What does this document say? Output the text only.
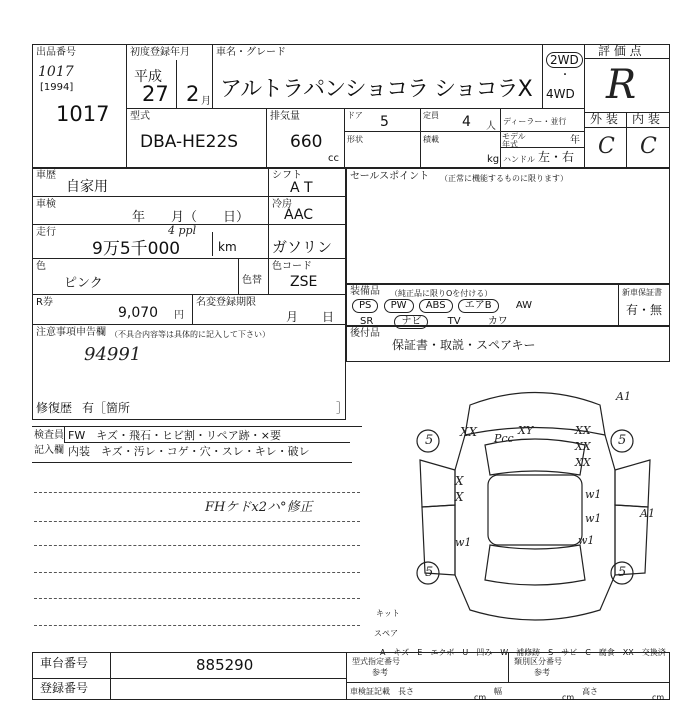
出品番号
1017
[1994]
1017
初度登録年月
平成
27 2 月
車名・グレード
アルトラパンショコラ ショコラX
2WD
・
4WD
評 価 点
R
型式
DBA-HE22S
排気量
660
cc
ドア 5	定員 4 人 ディーラー・並行
モデル年式	年
形状	積載
kg ハンドル 左・右
外 装 内 装
C C
車歴
自家用
車検
年　　月（　　日）
走行
9万5千000
4 ppl
km
色
ピンク	色替
R券
9,070 円
名変登録期限
月　　日
シフト
A T
冷房
AAC
ガソリン
色コード
ZSE
注意事項申告欄 （不具合内容等は具体的に記入して下さい）
94991
修復歴 有［箇所	］
セールスポイント （正常に機能するものに限ります）
装備品 （純正品に限りOを付ける）
PS PW ABS エアB AW
SR	ナビ	TV	カワ
新車保証書
有・無
後付品
保証書・取説・スペアキー
検査員
記入欄
FW　キズ・飛石・ヒビ割・リペア跡・×要
内装　キズ・汚レ・コゲ・穴・スレ・キレ・破レ
FHケドx2ハ°修正
A1
XX Pcc
XY
5	5
5	5
X
X
XX
XX
XX
w1
w1
w1	w1
A1
スペア
キット
A－キズ　E－エクボ　U－凹み　W－補修跡　S－サビ　C－腐食　XX－交換済
車台番号	885290
登録番号
型式指定番号
参考
類別区分番号
参考
車検証記載 長さ
cm
幅
cm
高さ
cm
